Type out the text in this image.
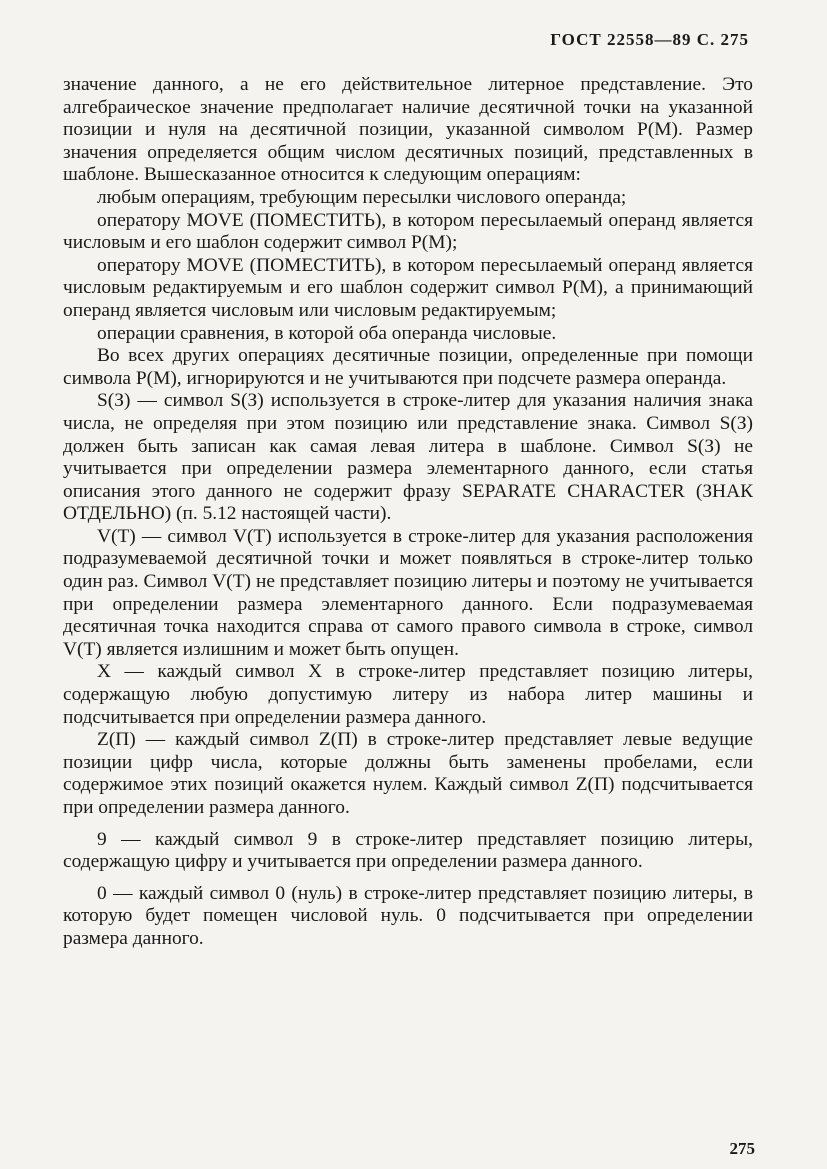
ГОСТ 22558—89 С. 275

значение данного, а не его действительное литерное представление. Это алгебраическое значение предполагает наличие десятичной точки на указанной позиции и нуля на десятичной позиции, указанной символом P(M). Размер значения определяется общим числом десятичных позиций, представленных в шаблоне. Вышесказанное относится к следующим операциям:

любым операциям, требующим пересылки числового операнда;

оператору MOVE (ПОМЕСТИТЬ), в котором пересылаемый операнд является числовым и его шаблон содержит символ P(M);

оператору MOVE (ПОМЕСТИТЬ), в котором пересылаемый операнд является числовым редактируемым и его шаблон содержит символ P(M), а принимающий операнд является числовым или числовым редактируемым;

операции сравнения, в которой оба операнда числовые.

Во всех других операциях десятичные позиции, определенные при помощи символа P(M), игнорируются и не учитываются при подсчете размера операнда.

S(З) — символ S(З) используется в строке-литер для указания наличия знака числа, не определяя при этом позицию или представление знака. Символ S(З) должен быть записан как самая левая литера в шаблоне. Символ S(З) не учитывается при определении размера элементарного данного, если статья описания этого данного не содержит фразу SEPARATE CHARACTER (ЗНАК ОТДЕЛЬНО) (п. 5.12 настоящей части).

V(T) — символ V(T) используется в строке-литер для указания расположения подразумеваемой десятичной точки и может появляться в строке-литер только один раз. Символ V(T) не представляет позицию литеры и поэтому не учитывается при определении размера элементарного данного. Если подразумеваемая десятичная точка находится справа от самого правого символа в строке, символ V(T) является излишним и может быть опущен.

X — каждый символ X в строке-литер представляет позицию литеры, содержащую любую допустимую литеру из набора литер машины и подсчитывается при определении размера данного.

Z(П) — каждый символ Z(П) в строке-литер представляет левые ведущие позиции цифр числа, которые должны быть заменены пробелами, если содержимое этих позиций окажется нулем. Каждый символ Z(П) подсчитывается при определении размера данного.

9 — каждый символ 9 в строке-литер представляет позицию литеры, содержащую цифру и учитывается при определении размера данного.

0 — каждый символ 0 (нуль) в строке-литер представляет позицию литеры, в которую будет помещен числовой нуль. 0 подсчитывается при определении размера данного.

275
